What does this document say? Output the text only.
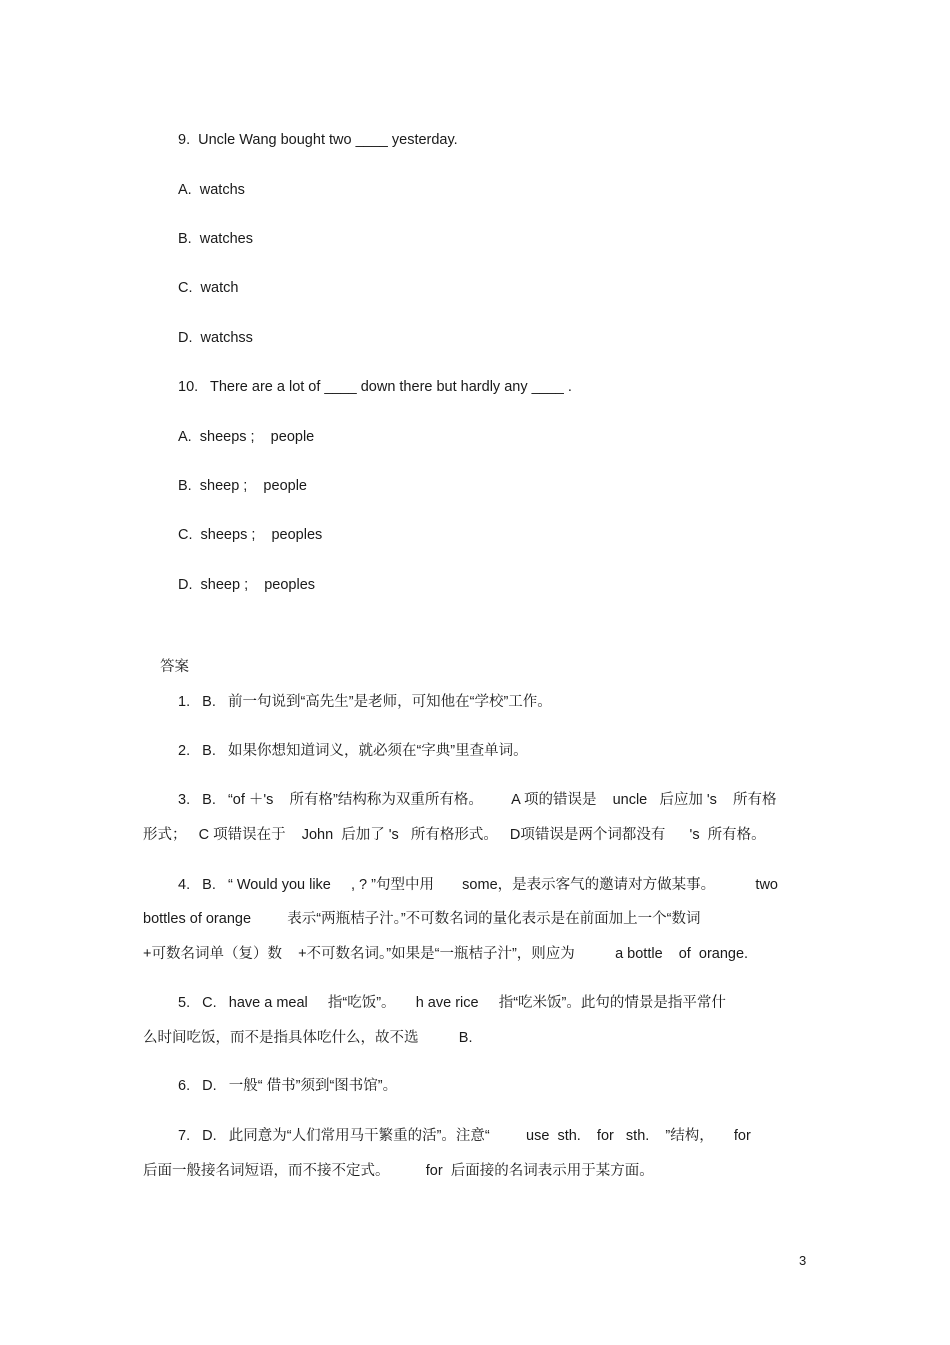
9.  Uncle Wang bought two ____ yesterday.
A.  watchs
B.  watches
C.  watch
D.  watchss
10.   There are a lot of ____ down there but hardly any ____ .
A.  sheeps ;    people
B.  sheep ;    people
C.  sheeps ;    peoples
D.  sheep ;    peoples
答案
1.   B.   前一句说到“高先生”是老师，可知他在“学校”工作。
2.   B.   如果你想知道词义，就必须在“字典”里查单词。
3.   B.   “of ＋'s    所有格”结构称为双重所有格。       A 项的错误是    uncle   后应加 's    所有格
形式；   C 项错误在于    John  后加了 's   所有格形式。   D项错误是两个词都没有      's  所有格。
4.   B.   “ Would you like     , ? ”句型中用       some，是表示客气的邀请对方做某事。          two
bottles of orange         表示“两瓶桔子汁。”不可数名词的量化表示是在前面加上一个“数词
+可数名词单（复）数    +不可数名词。”如果是“一瓶桔子汁”，则应为          a bottle    of  orange.
5.   C.   have a meal     指“吃饭”。     h ave rice     指“吃米饭”。此句的情景是指平常什
么时间吃饭，而不是指具体吃什么，故不选          B.
6.   D.   一般“ 借书”须到“图书馆”。
7.   D.   此同意为“人们常用马干繁重的活”。注意“         use  sth.    for   sth.    ”结构，     for
后面一般接名词短语，而不接不定式。         for  后面接的名词表示用于某方面。
3
